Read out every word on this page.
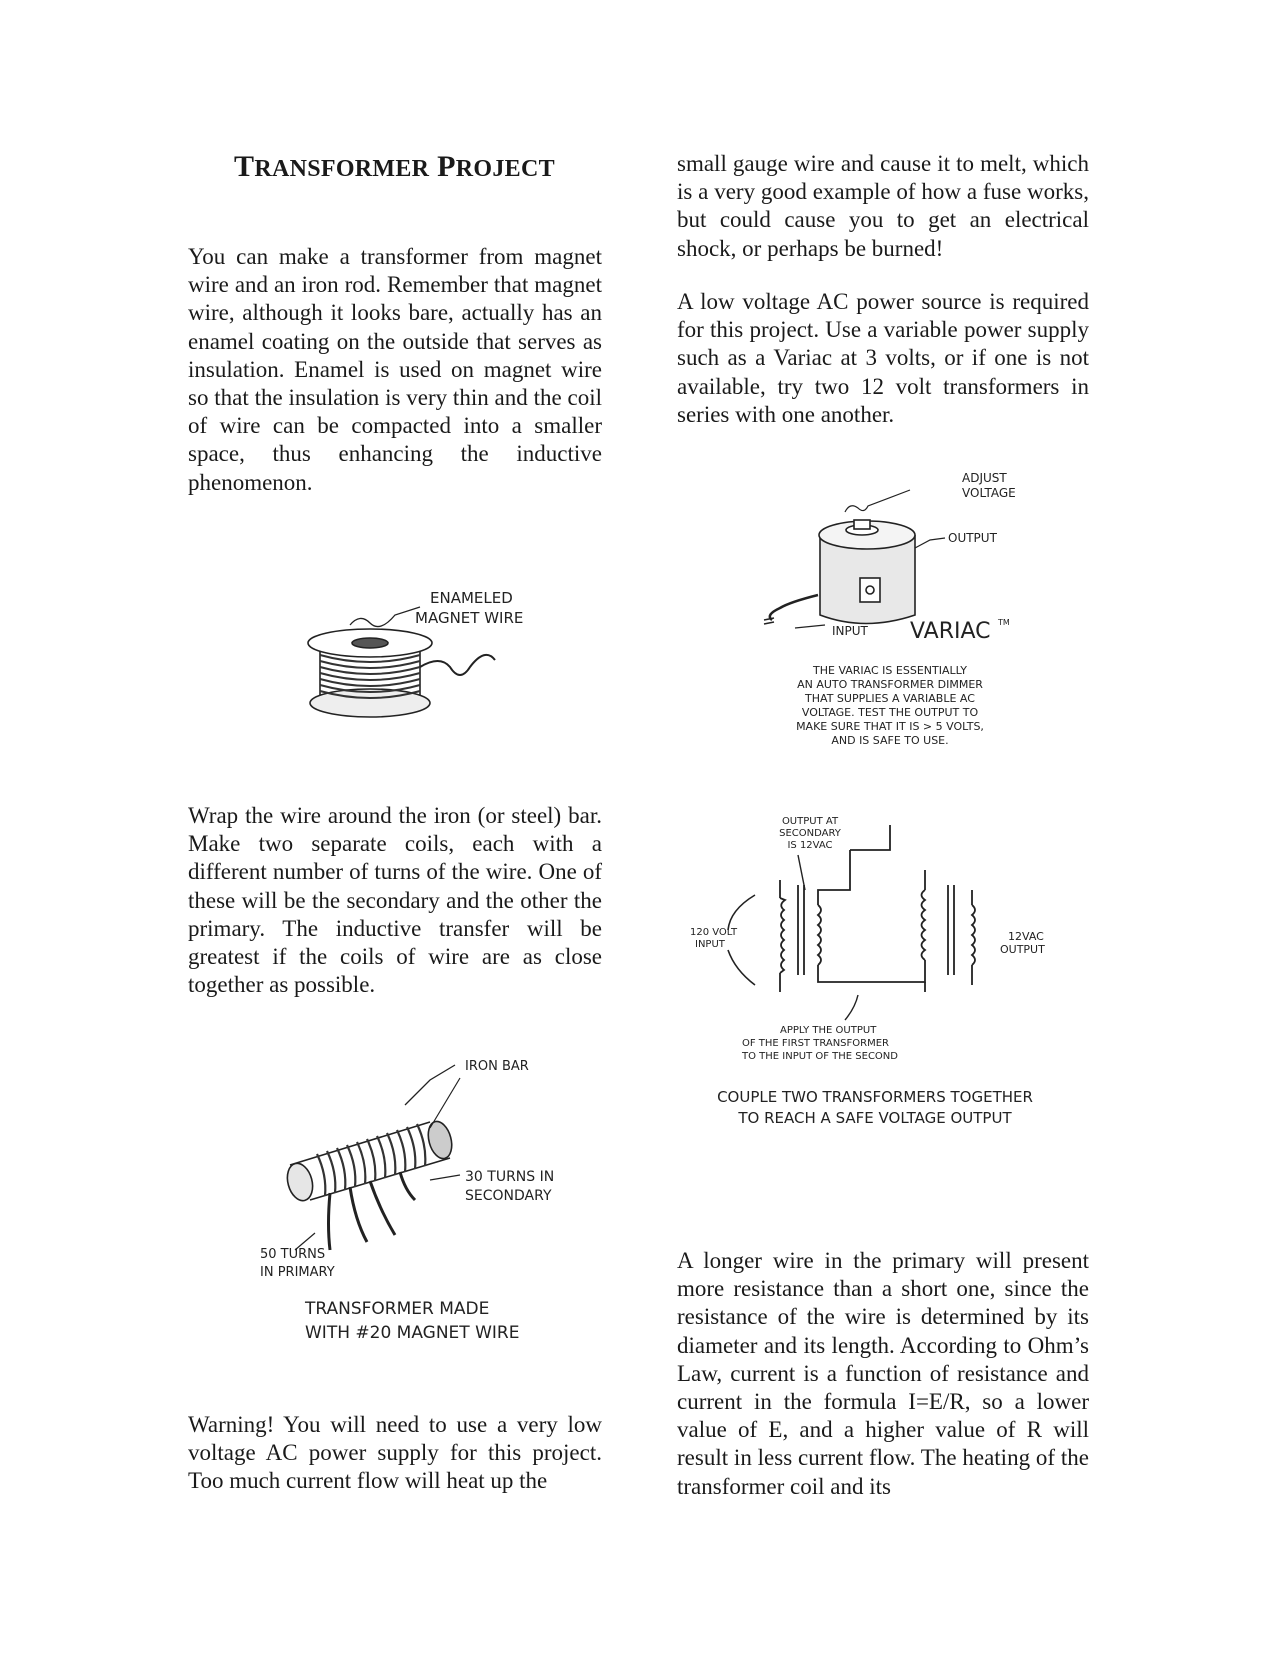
TRANSFORMER PROJECT

You can make a transformer from magnet wire and an iron rod. Remember that magnet wire, although it looks bare, actually has an enamel coating on the outside that serves as insulation. Enamel is used on magnet wire so that the insulation is very thin and the coil of wire can be compacted into a smaller space, thus enhancing the inductive phenomenon.

Wrap the wire around the iron (or steel) bar. Make two separate coils, each with a different number of turns of the wire. One of these will be the secondary and the other the primary. The inductive transfer will be greatest if the coils of wire are as close together as possible.

Warning! You will need to use a very low voltage AC power supply for this project. Too much current flow will heat up the

small gauge wire and cause it to melt, which is a very good example of how a fuse works, but could cause you to get an electrical shock, or perhaps be burned!

A low voltage AC power source is required for this project. Use a variable power supply such as a Variac at 3 volts, or if one is not available, try two 12 volt transformers in series with one another.

A longer wire in the primary will present more resistance than a short one, since the resistance of the wire is determined by its diameter and its length. According to Ohm’s Law, current is a function of resistance and current in the formula I=E/R, so a lower value of E, and a higher value of R will result in less current flow. The heating of the transformer coil and its

ENAMELED
MAGNET WIRE
IRON BAR
30 TURNS IN
SECONDARY
50 TURNS
IN PRIMARY
TRANSFORMER MADE
WITH #20 MAGNET WIRE
ADJUST
VOLTAGE
OUTPUT
INPUT VARIAC TM
THE VARIAC IS ESSENTIALLY
AN AUTO TRANSFORMER DIMMER
THAT SUPPLIES A VARIABLE AC
VOLTAGE. TEST THE OUTPUT TO
MAKE SURE THAT IT IS > 5 VOLTS,
AND IS SAFE TO USE.
OUTPUT AT
SECONDARY
IS 12VAC
120 VOLT
INPUT
12VAC
OUTPUT
APPLY THE OUTPUT
OF THE FIRST TRANSFORMER
TO THE INPUT OF THE SECOND
COUPLE TWO TRANSFORMERS TOGETHER
TO REACH A SAFE VOLTAGE OUTPUT
